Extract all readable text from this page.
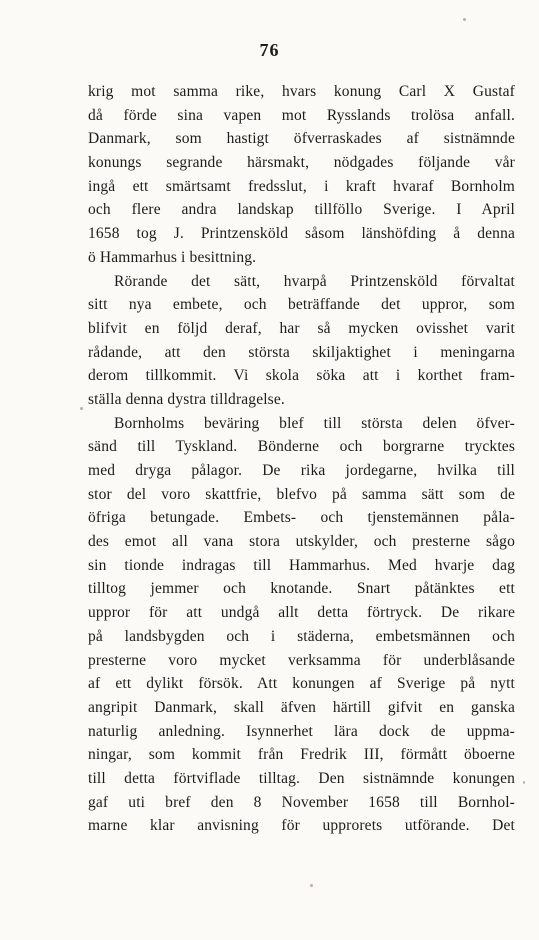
76
krig mot samma rike, hvars konung Carl X Gustaf
då förde sina vapen mot Rysslands trolösa anfall.
Danmark, som hastigt öfverraskades af sistnämnde
konungs segrande härsmakt, nödgades följande vår
ingå ett smärtsamt fredsslut, i kraft hvaraf Bornholm
och flere andra landskap tillföllo Sverige. I April
1658 tog J. Printzensköld såsom länshöfding å denna
ö Hammarhus i besittning.
Rörande det sätt, hvarpå Printzensköld förvaltat
sitt nya embete, och beträffande det uppror, som
blifvit en följd deraf, har så mycken ovisshet varit
rådande, att den största skiljaktighet i meningarna
derom tillkommit. Vi skola söka att i korthet fram-
ställa denna dystra tilldragelse.
Bornholms beväring blef till största delen öfver-
sänd till Tyskland. Bönderne och borgrarne trycktes
med dryga pålagor. De rika jordegarne, hvilka till
stor del voro skattfrie, blefvo på samma sätt som de
öfriga betungade. Embets- och tjenstemännen påla-
des emot all vana stora utskylder, och presterne sågo
sin tionde indragas till Hammarhus. Med hvarje dag
tilltog jemmer och knotande. Snart påtänktes ett
uppror för att undgå allt detta förtryck. De rikare
på landsbygden och i städerna, embetsmännen och
presterne voro mycket verksamma för underblåsande
af ett dylikt försök. Att konungen af Sverige på nytt
angripit Danmark, skall äfven härtill gifvit en ganska
naturlig anledning. Isynnerhet lära dock de uppma-
ningar, som kommit från Fredrik III, förmått öboerne
till detta förtviflade tilltag. Den sistnämnde konungen
gaf uti bref den 8 November 1658 till Bornhol-
marne klar anvisning för upprorets utförande. Det
